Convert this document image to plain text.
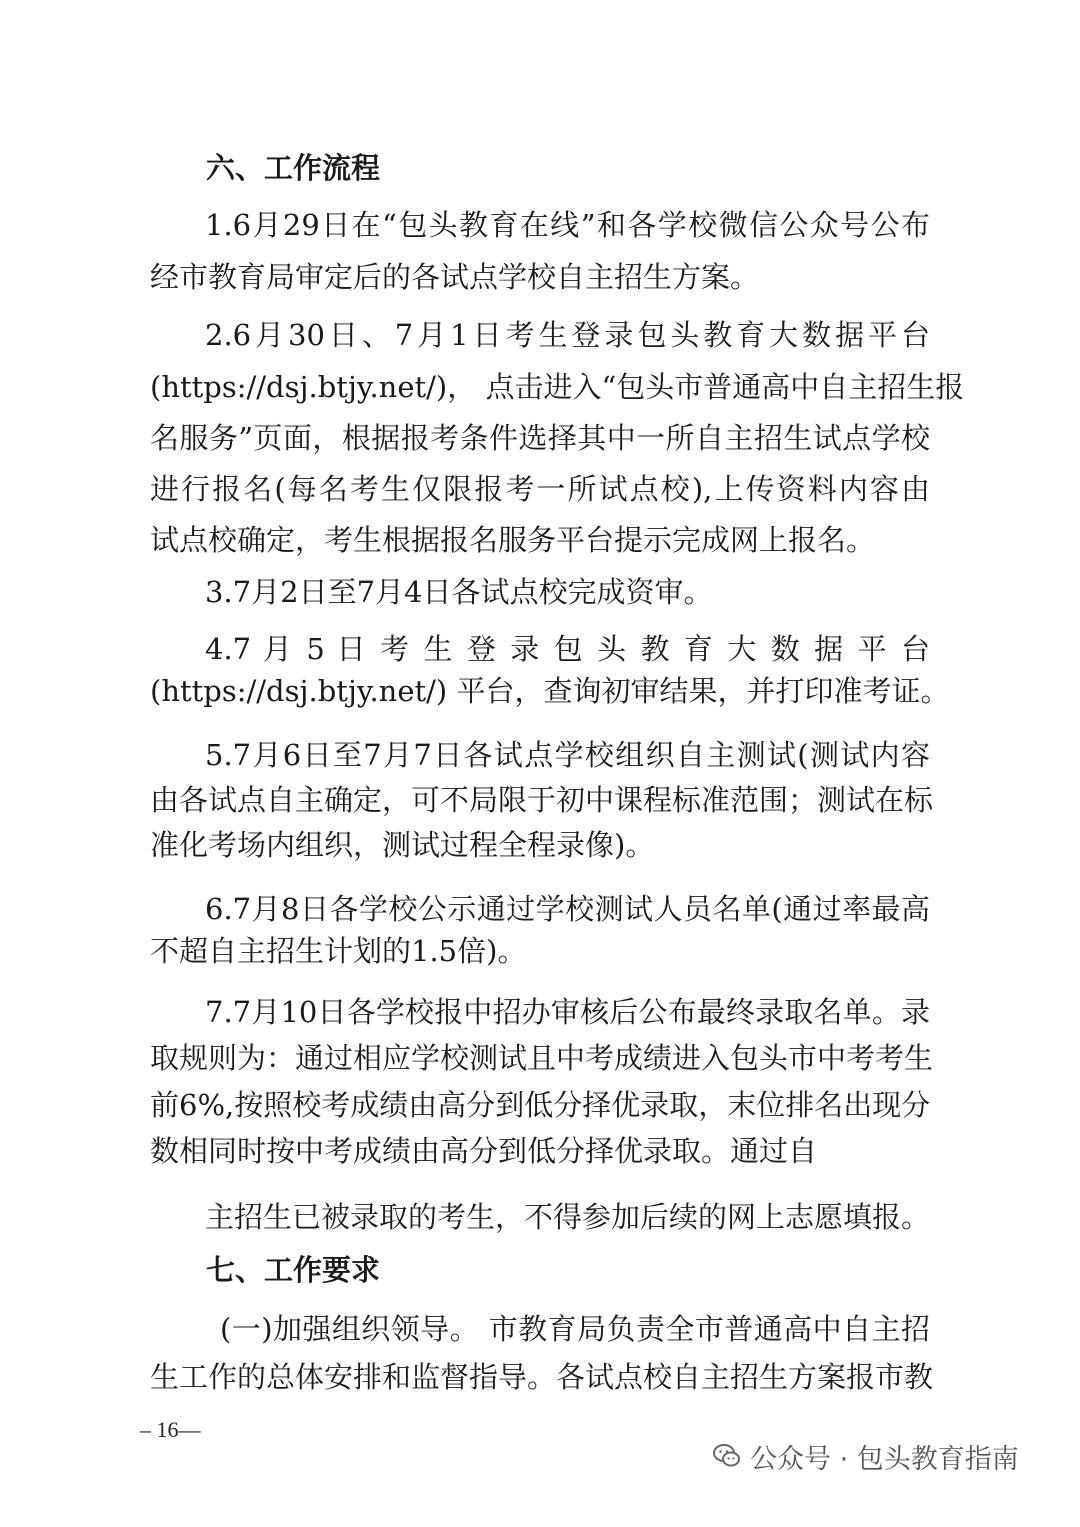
六、工作流程
1.6月29日在“包头教育在线”和各学校微信公众号公布
经市教育局审定后的各试点学校自主招生方案。
2.6月30日、7月1日考生登录包头教育大数据平台
(https://dsj.btjy.net/)， 点击进入“包头市普通高中自主招生报
名服务”页面，根据报考条件选择其中一所自主招生试点学校
进行报名(每名考生仅限报考一所试点校),上传资料内容由
试点校确定，考生根据报名服务平台提示完成网上报名。
3.7月2日至7月4日各试点校完成资审。
4.7 月 5 日 考 生 登 录 包 头 教 育 大 数 据 平 台
(https://dsj.btjy.net/) 平台，查询初审结果，并打印准考证。
5.7月6日至7月7日各试点学校组织自主测试(测试内容
由各试点自主确定，可不局限于初中课程标准范围；测试在标
准化考场内组织，测试过程全程录像)。
6.7月8日各学校公示通过学校测试人员名单(通过率最高
不超自主招生计划的1.5倍)。
7.7月10日各学校报中招办审核后公布最终录取名单。录
取规则为：通过相应学校测试且中考成绩进入包头市中考考生
前6%,按照校考成绩由高分到低分择优录取，末位排名出现分
数相同时按中考成绩由高分到低分择优录取。通过自
主招生已被录取的考生，不得参加后续的网上志愿填报。
七、工作要求
(一)加强组织领导。 市教育局负责全市普通高中自主招
生工作的总体安排和监督指导。各试点校自主招生方案报市教
– 16—
公众号 · 包头教育指南
